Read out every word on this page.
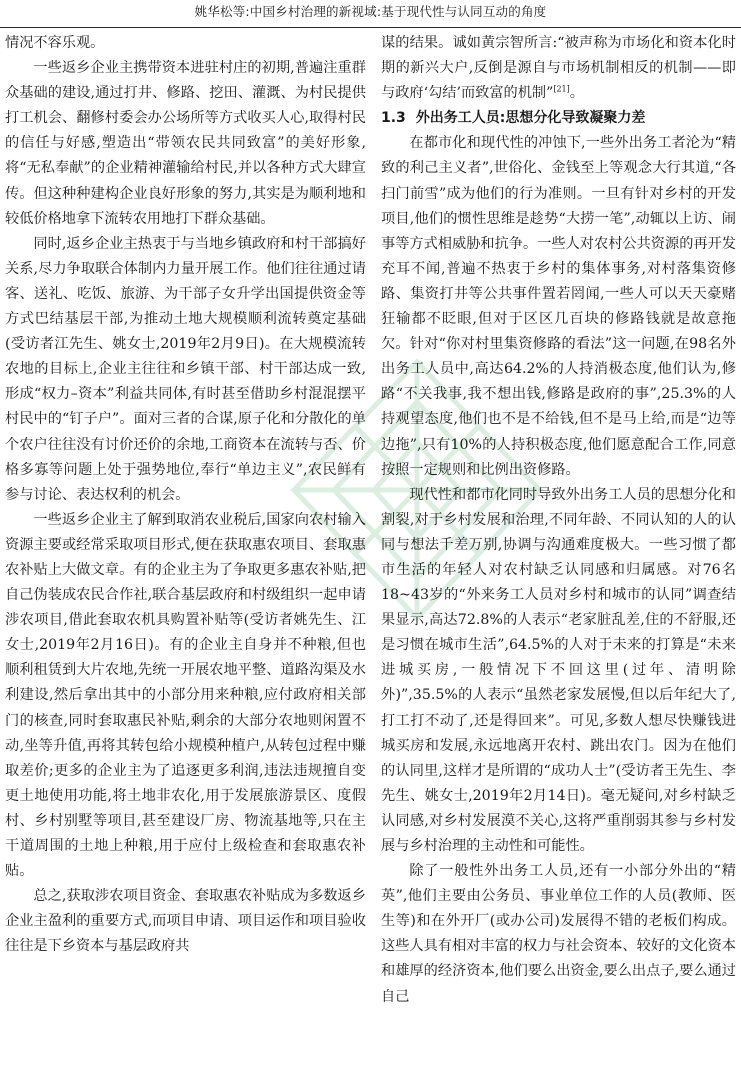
姚华松等:中国乡村治理的新视域:基于现代性与认同互动的角度

情况不容乐观。

一些返乡企业主携带资本进驻村庄的初期,普遍注重群众基础的建设,通过打井、修路、挖田、灌溉、为村民提供打工机会、翻修村委会办公场所等方式收买人心,取得村民的信任与好感,塑造出“带领农民共同致富”的美好形象,将“无私奉献”的企业精神灌输给村民,并以各种方式大肆宣传。但这种种建构企业良好形象的努力,其实是为顺利地和较低价格地拿下流转农用地打下群众基础。

同时,返乡企业主热衷于与当地乡镇政府和村干部搞好关系,尽力争取联合体制内力量开展工作。他们往往通过请客、送礼、吃饭、旅游、为干部子女升学出国提供资金等方式巴结基层干部,为推动土地大规模顺利流转奠定基础(受访者江先生、姚女士,2019年2月9日)。在大规模流转农地的目标上,企业主往往和乡镇干部、村干部达成一致,形成“权力–资本”利益共同体,有时甚至借助乡村混混摆平村民中的“钉子户”。面对三者的合谋,原子化和分散化的单个农户往往没有讨价还价的余地,工商资本在流转与否、价格多寡等问题上处于强势地位,奉行“单边主义”,农民鲜有参与讨论、表达权利的机会。

一些返乡企业主了解到取消农业税后,国家向农村输入资源主要或经常采取项目形式,便在获取惠农项目、套取惠农补贴上大做文章。有的企业主为了争取更多惠农补贴,把自己伪装成农民合作社,联合基层政府和村级组织一起申请涉农项目,借此套取农机具购置补贴等(受访者姚先生、江女士,2019年2月16日)。有的企业主自身并不种粮,但也顺利租赁到大片农地,先统一开展农地平整、道路沟渠及水利建设,然后拿出其中的小部分用来种粮,应付政府相关部门的核查,同时套取惠民补贴,剩余的大部分农地则闲置不动,坐等升值,再将其转包给小规模种植户,从转包过程中赚取差价;更多的企业主为了追逐更多利润,违法违规擅自变更土地使用功能,将土地非农化,用于发展旅游景区、度假村、乡村别墅等项目,甚至建设厂房、物流基地等,只在主干道周围的土地上种粮,用于应付上级检查和套取惠农补贴。

总之,获取涉农项目资金、套取惠农补贴成为多数返乡企业主盈利的重要方式,而项目申请、项目运作和项目验收往往是下乡资本与基层政府共

谋的结果。诚如黄宗智所言:“被声称为市场化和资本化时期的新兴大户,反倒是源自与市场机制相反的机制——即与政府‘勾结’而致富的机制”[21]。

1.3 外出务工人员:思想分化导致凝聚力差

在都市化和现代性的冲蚀下,一些外出务工者沦为“精致的利己主义者”,世俗化、金钱至上等观念大行其道,“各扫门前雪”成为他们的行为准则。一旦有针对乡村的开发项目,他们的惯性思维是趁势“大捞一笔”,动辄以上访、闹事等方式相威胁和抗争。一些人对农村公共资源的再开发充耳不闻,普遍不热衷于乡村的集体事务,对村落集资修路、集资打井等公共事件置若罔闻,一些人可以天天豪赌狂输都不眨眼,但对于区区几百块的修路钱就是故意拖欠。针对“你对村里集资修路的看法”这一问题,在98名外出务工人员中,高达64.2%的人持消极态度,他们认为,修路“不关我事,我不想出钱,修路是政府的事”,25.3%的人持观望态度,他们也不是不给钱,但不是马上给,而是“边等边拖”,只有10%的人持积极态度,他们愿意配合工作,同意按照一定规则和比例出资修路。

现代性和都市化同时导致外出务工人员的思想分化和割裂,对于乡村发展和治理,不同年龄、不同认知的人的认同与想法千差万别,协调与沟通难度极大。一些习惯了都市生活的年轻人对农村缺乏认同感和归属感。对76名18~43岁的“外来务工人员对乡村和城市的认同”调查结果显示,高达72.8%的人表示“老家脏乱差,住的不舒服,还是习惯在城市生活”,64.5%的人对于未来的打算是“未来进城买房,一般情况下不回这里(过年、清明除外)”,35.5%的人表示“虽然老家发展慢,但以后年纪大了,打工打不动了,还是得回来”。可见,多数人想尽快赚钱进城买房和发展,永远地离开农村、跳出农门。因为在他们的认同里,这样才是所谓的“成功人士”(受访者王先生、李先生、姚女士,2019年2月14日)。毫无疑问,对乡村缺乏认同感,对乡村发展漠不关心,这将严重削弱其参与乡村发展与乡村治理的主动性和可能性。

除了一般性外出务工人员,还有一小部分外出的“精英”,他们主要由公务员、事业单位工作的人员(教师、医生等)和在外开厂(或办公司)发展得不错的老板们构成。这些人具有相对丰富的权力与社会资本、较好的文化资本和雄厚的经济资本,他们要么出资金,要么出点子,要么通过自己
